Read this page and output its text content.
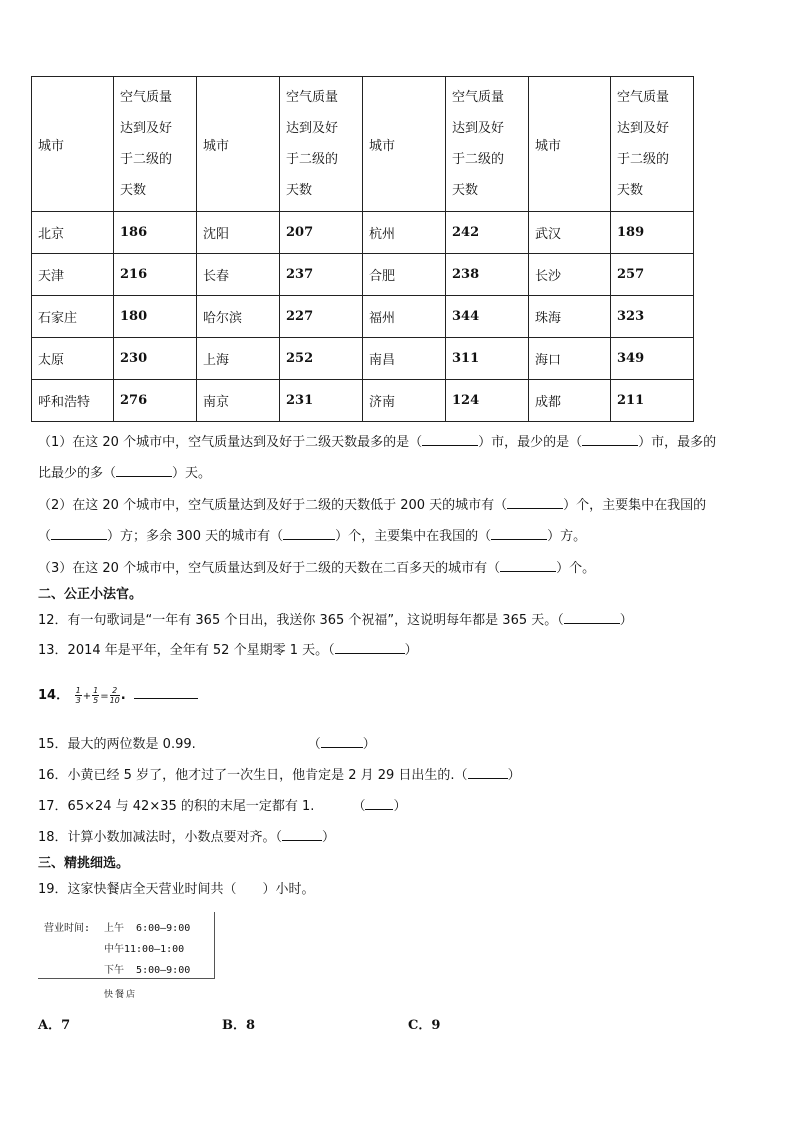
城市	空气质量
达到及好
于二级的
天数	城市	空气质量
达到及好
于二级的
天数	城市	空气质量
达到及好
于二级的
天数	城市	空气质量
达到及好
于二级的
天数
北京	186	沈阳	207	杭州	242	武汉	189
天津	216	长春	237	合肥	238	长沙	257
石家庄	180	哈尔滨	227	福州	344	珠海	323
太原	230	上海	252	南昌	311	海口	349
呼和浩特	276	南京	231	济南	124	成都	211
（1）在这 20 个城市中，空气质量达到及好于二级天数最多的是（	）市，最少的是（	）市，最多的
比最少的多（	）天。
（2）在这 20 个城市中，空气质量达到及好于二级的天数低于 200 天的城市有（	）个，主要集中在我国的
（	）方；多余 300 天的城市有（	）个，主要集中在我国的（	）方。
（3）在这 20 个城市中，空气质量达到及好于二级的天数在二百多天的城市有（	）个。
二、公正小法官。
12．有一句歌词是“一年有 365 个日出，我送你 365 个祝福”，这说明每年都是 365 天。（	）
13．2014 年是平年，全年有 52 个星期零 1 天。（	）
14． $\frac{1}{3} + \frac{1}{5} = \frac{2}{10}$ .
15．最大的两位数是 0.99.	（	）
16．小黄已经 5 岁了，他才过了一次生日，他肯定是 2 月 29 日出生的.（	）
17．65×24 与 42×35 的积的末尾一定都有 1.	（ ）
18．计算小数加减法时，小数点要对齐。（	）
三、精挑细选。
19．这家快餐店全天营业时间共（　　）小时。
营业时间: 上午 6:00—9:00
中午11:00—1:00
下午 5:00—9:00
快餐店
A．7	B．8	C．9
